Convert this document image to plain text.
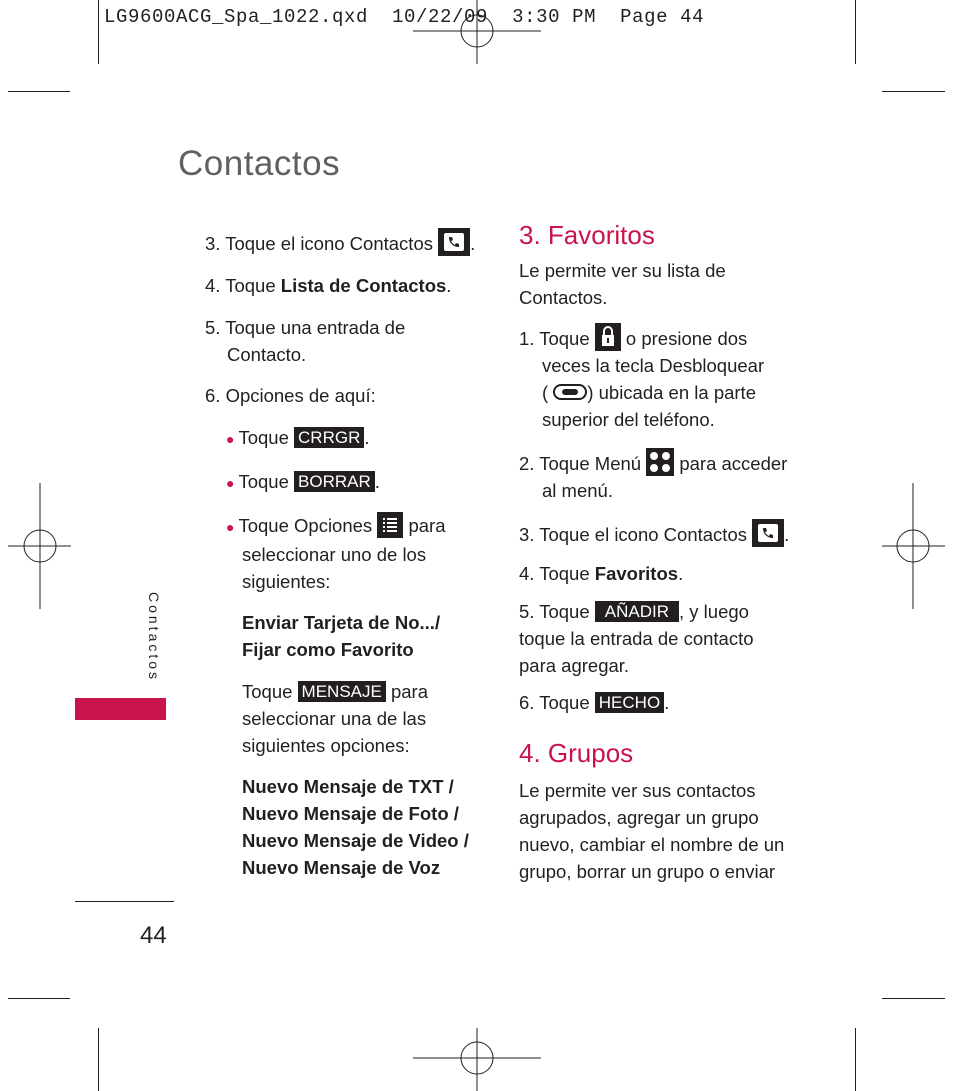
LG9600ACG_Spa_1022.qxd  10/22/09  3:30 PM  Page 44
Contactos
Contactos
44

3. Toque el icono Contactos .

4. Toque Lista de Contactos.

5. Toque una entrada de
Contacto.

6. Opciones de aquí:

● Toque CRRGR .

● Toque BORRAR .

● Toque Opciones para
seleccionar uno de los
siguientes:

Enviar Tarjeta de No.../
Fijar como Favorito

Toque MENSAJE para
seleccionar una de las
siguientes opciones:

Nuevo Mensaje de TXT /
Nuevo Mensaje de Foto /
Nuevo Mensaje de Video /
Nuevo Mensaje de Voz

3. Favoritos

Le permite ver su lista de
Contactos.

1. Toque o presione dos
veces la tecla Desbloquear
( ) ubicada en la parte
superior del teléfono.

2. Toque Menú para acceder
al menú.

3. Toque el icono Contactos .

4. Toque Favoritos.

5. Toque AÑADIR , y luego
toque la entrada de contacto
para agregar.

6. Toque HECHO .

4. Grupos

Le permite ver sus contactos
agrupados, agregar un grupo
nuevo, cambiar el nombre de un
grupo, borrar un grupo o enviar
